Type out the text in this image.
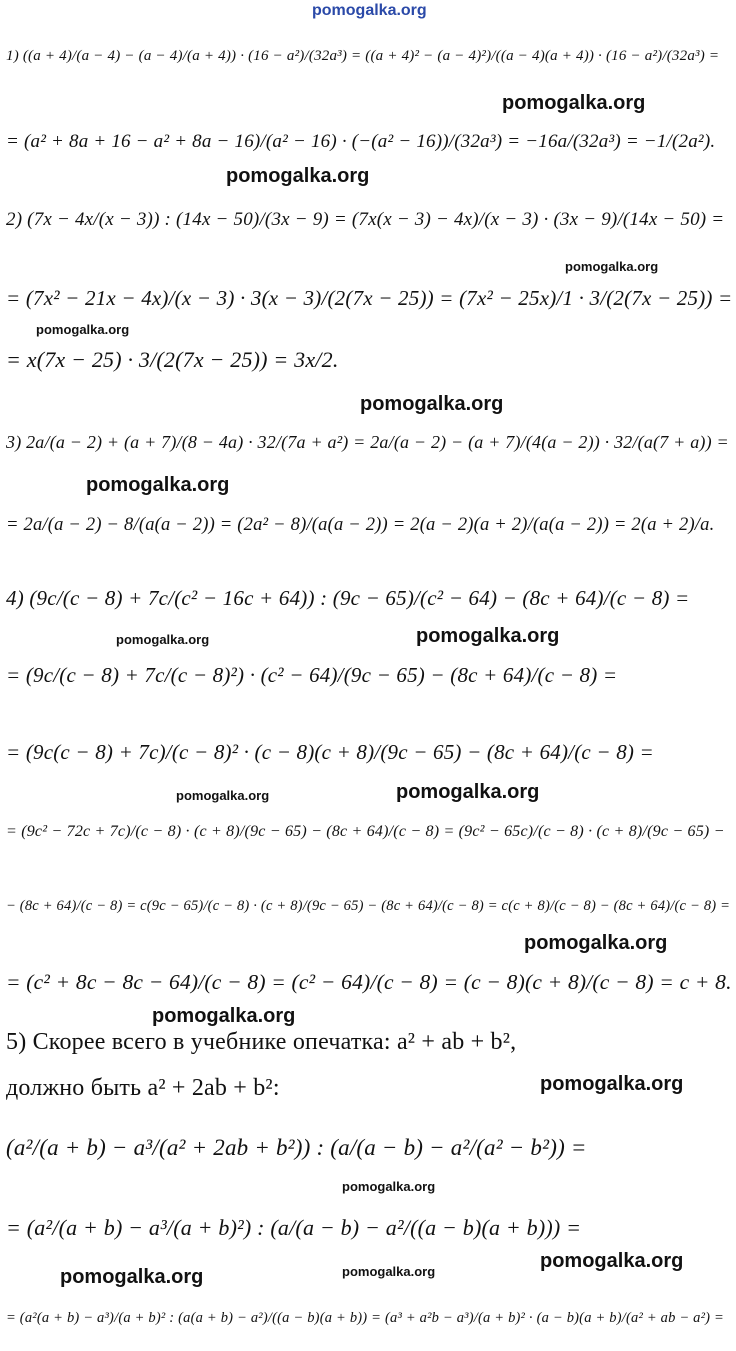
pomogalka.org
1) ((a + 4)/(a − 4) − (a − 4)/(a + 4)) · (16 − a²)/(32a³) = ((a + 4)² − (a − 4)²)/((a − 4)(a + 4)) · (16 − a²)/(32a³) =
pomogalka.org
= (a² + 8a + 16 − a² + 8a − 16)/(a² − 16) · (−(a² − 16))/(32a³) = −16a/(32a³) = −1/(2a²).
pomogalka.org
2) (7x − 4x/(x − 3)) : (14x − 50)/(3x − 9) = (7x(x − 3) − 4x)/(x − 3) · (3x − 9)/(14x − 50) =
pomogalka.org
= (7x² − 21x − 4x)/(x − 3) · 3(x − 3)/(2(7x − 25)) = (7x² − 25x)/1 · 3/(2(7x − 25)) =
pomogalka.org
= x(7x − 25) · 3/(2(7x − 25)) = 3x/2.
pomogalka.org
3) 2a/(a − 2) + (a + 7)/(8 − 4a) · 32/(7a + a²) = 2a/(a − 2) − (a + 7)/(4(a − 2)) · 32/(a(7 + a)) =
pomogalka.org
= 2a/(a − 2) − 8/(a(a − 2)) = (2a² − 8)/(a(a − 2)) = 2(a − 2)(a + 2)/(a(a − 2)) = 2(a + 2)/a.
4) (9c/(c − 8) + 7c/(c² − 16c + 64)) : (9c − 65)/(c² − 64) − (8c + 64)/(c − 8) =
pomogalka.org	pomogalka.org
= (9c/(c − 8) + 7c/(c − 8)²) · (c² − 64)/(9c − 65) − (8c + 64)/(c − 8) =
= (9c(c − 8) + 7c)/(c − 8)² · (c − 8)(c + 8)/(9c − 65) − (8c + 64)/(c − 8) =
pomogalka.org	pomogalka.org
= (9c² − 72c + 7c)/(c − 8) · (c + 8)/(9c − 65) − (8c + 64)/(c − 8) = (9c² − 65c)/(c − 8) · (c + 8)/(9c − 65) −
− (8c + 64)/(c − 8) = c(9c − 65)/(c − 8) · (c + 8)/(9c − 65) − (8c + 64)/(c − 8) = c(c + 8)/(c − 8) − (8c + 64)/(c − 8) =
pomogalka.org
= (c² + 8c − 8c − 64)/(c − 8) = (c² − 64)/(c − 8) = (c − 8)(c + 8)/(c − 8) = c + 8.
pomogalka.org
5) Скорее всего в учебнике опечатка: a² + ab + b²,
должно быть a² + 2ab + b²:	pomogalka.org
(a²/(a + b) − a³/(a² + 2ab + b²)) : (a/(a − b) − a²/(a² − b²)) =
pomogalka.org
= (a²/(a + b) − a³/(a + b)²) : (a/(a − b) − a²/((a − b)(a + b))) =
pomogalka.org
pomogalka.org	pomogalka.org
= (a²(a + b) − a³)/(a + b)² : (a(a + b) − a²)/((a − b)(a + b)) = (a³ + a²b − a³)/(a + b)² · (a − b)(a + b)/(a² + ab − a²) =
